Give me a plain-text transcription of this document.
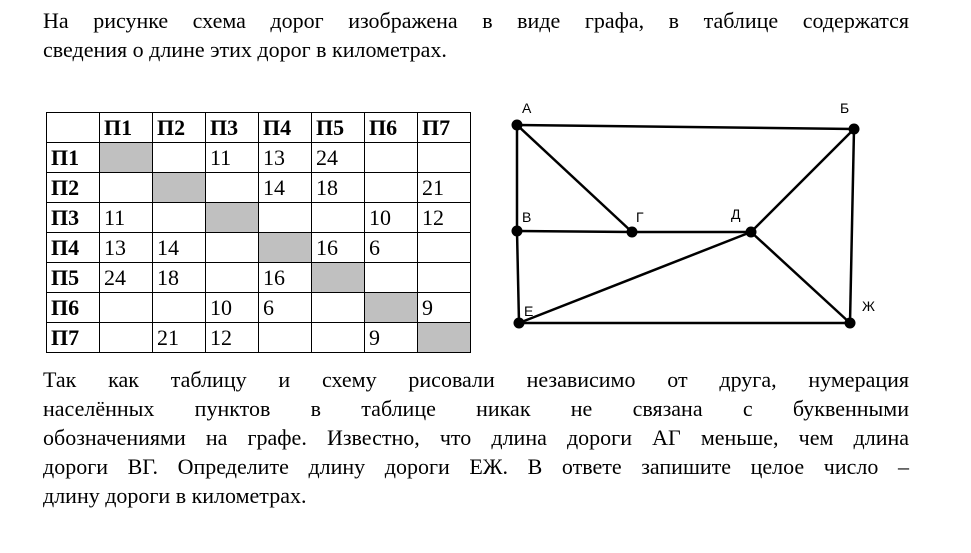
На рисунке схема дорог изображена в виде графа, в таблице содержатся
сведения о длине этих дорог в километрах.
	П1	П2	П3	П4	П5	П6	П7
П1			11	13	24		
П2				14	18		21
П3	11					10	12
П4	13	14			16	6	
П5	24	18		16			
П6			10	6			9
П7		21	12			9	
А	Б
В	Г	Д
Е	Ж
Так как таблицу и схему рисовали независимо от друга, нумерация
населённых пунктов в таблице никак не связана с буквенными
обозначениями на графе. Известно, что длина дороги АГ меньше, чем длина
дороги ВГ. Определите длину дороги ЕЖ. В ответе запишите целое число –
длину дороги в километрах.
